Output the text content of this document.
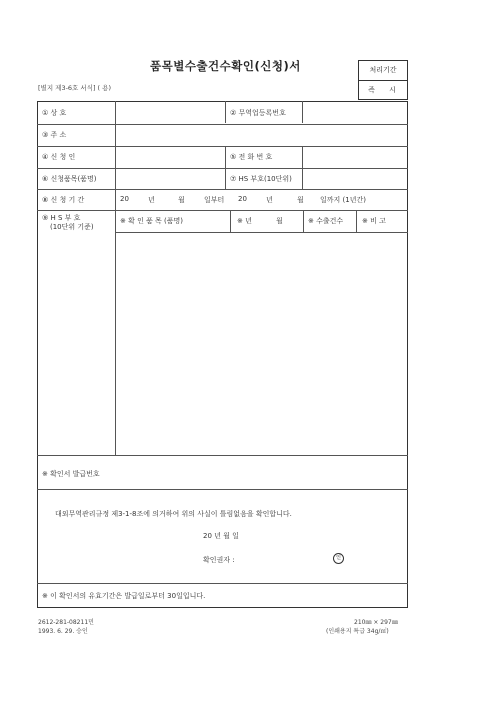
품목별수출건수확인(신청)서
[별지 제3-6호 서식] ( 용)
처리기간
즉 시
① 상 호	② 무역업등록번호
③ 주 소
④ 신 청 인	⑤ 전 화 번 호
⑥ 신청품목(품명)	⑦ HS 부호(10단위)
⑧ 신 청 기 간	20	년	월	일부터 20	년	월 일까지 (1년간)
⑨ H S 부 호
(10단위 기준)
※ 확 인 품 목 (품명)	※ 년	월	※ 수출건수	※ 비 고
※ 확인서 발급번호
대외무역관리규정 제3-1-8조에 의거하여 위의 사실이 틀림없음을 확인합니다.
20 년 월 일
확인권자 :	인
※ 이 확인서의 유효기간은 발급일로부터 30일입니다.
2612-281-08211민
1993. 6. 29. 승인
210㎜ × 297㎜
(인쇄용지 특급 34g/㎡)
